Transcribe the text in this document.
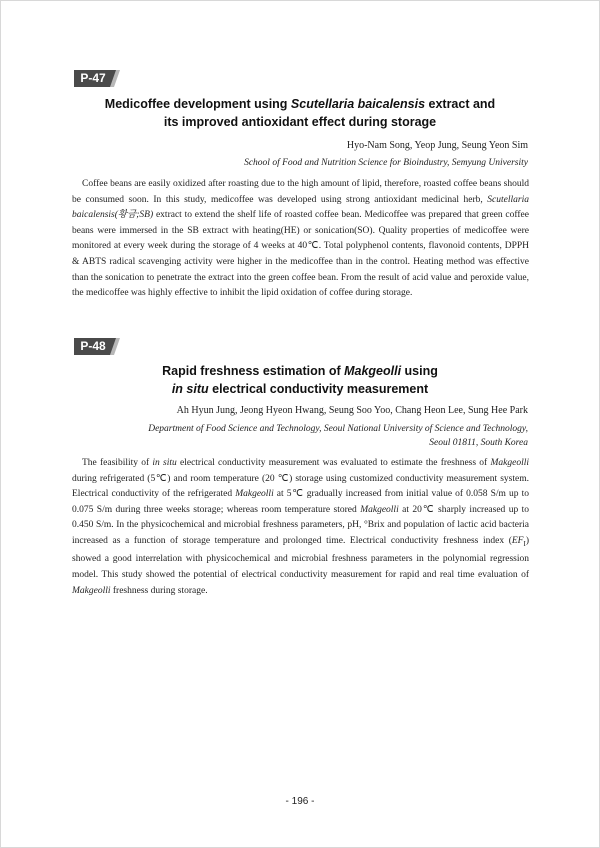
P-47
Medicoffee development using Scutellaria baicalensis extract and
its improved antioxidant effect during storage
Hyo-Nam Song, Yeop Jung, Seung Yeon Sim
School of Food and Nutrition Science for Bioindustry, Semyung University

Coffee beans are easily oxidized after roasting due to the high amount of lipid, therefore, roasted coffee beans should be consumed soon. In this study, medicoffee was developed using strong antioxidant medicinal herb, Scutellaria baicalensis(황금;SB) extract to extend the shelf life of roasted coffee bean. Medicoffee was prepared that green coffee beans were immersed in the SB extract with heating(HE) or sonication(SO). Quality properties of medicoffee were monitored at every week during the storage of 4 weeks at 40℃. Total polyphenol contents, flavonoid contents, DPPH & ABTS radical scavenging activity were higher in the medicoffee than in the control. Heating method was effective than the sonication to penetrate the extract into the green coffee bean. From the result of acid value and peroxide value, the medicoffee was highly effective to inhibit the lipid oxidation of coffee during storage.

P-48
Rapid freshness estimation of Makgeolli using
in situ electrical conductivity measurement
Ah Hyun Jung, Jeong Hyeon Hwang, Seung Soo Yoo, Chang Heon Lee, Sung Hee Park
Department of Food Science and Technology, Seoul National University of Science and Technology,
Seoul 01811, South Korea

The feasibility of in situ electrical conductivity measurement was evaluated to estimate the freshness of Makgeolli during refrigerated (5℃) and room temperature (20 ℃) storage using customized conductivity measurement system. Electrical conductivity of the refrigerated Makgeolli at 5℃ gradually increased from initial value of 0.058 S/m up to 0.075 S/m during three weeks storage; whereas room temperature stored Makgeolli at 20℃ sharply increased up to 0.450 S/m. In the physicochemical and microbial freshness parameters, pH, °Brix and population of lactic acid bacteria increased as a function of storage temperature and prolonged time. Electrical conductivity freshness index $(EF_I)$ showed a good interrelation with physicochemical and microbial freshness parameters in the polynomial regression model. This study showed the potential of electrical conductivity measurement for rapid and real time evaluation of Makgeolli freshness during storage.

- 196 -
